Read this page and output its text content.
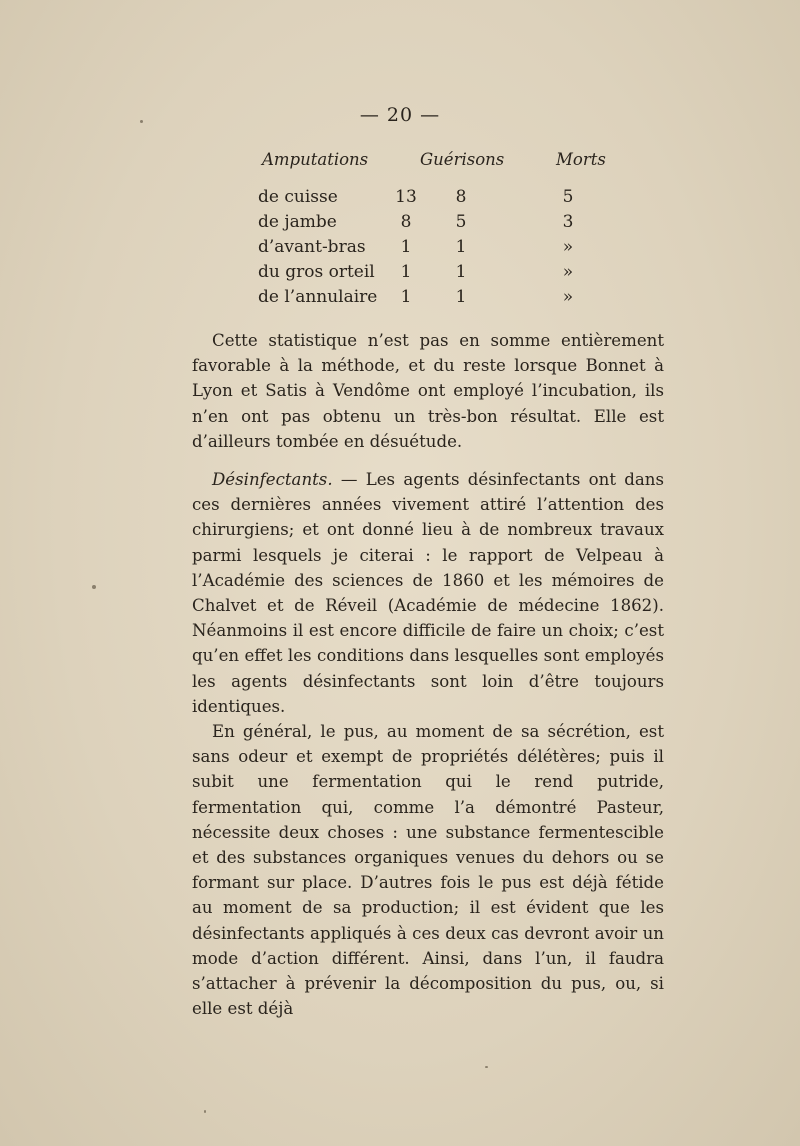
— 20 —
Amputations	Guérisons	Morts
de cuisse	13	8	5
de jambe	8	5	3
d’avant-bras	1	1	»
du gros orteil	1	1	»
de l’annulaire	1	1	»

Cette statistique n’est pas en somme entièrement favorable à la méthode, et du reste lorsque Bonnet à Lyon et Satis à Vendôme ont employé l’incubation, ils n’en ont pas obtenu un très-bon résultat. Elle est d’ailleurs tombée en désuétude.

Désinfectants. — Les agents désinfectants ont dans ces dernières années vivement attiré l’attention des chirurgiens; et ont donné lieu à de nombreux travaux parmi lesquels je citerai : le rapport de Velpeau à l’Académie des sciences de 1860 et les mémoires de Chalvet et de Réveil (Académie de médecine 1862). Néanmoins il est encore difficile de faire un choix; c’est qu’en effet les conditions dans lesquelles sont employés les agents désinfectants sont loin d’être toujours identiques.

En général, le pus, au moment de sa sécrétion, est sans odeur et exempt de propriétés délétères; puis il subit une fermentation qui le rend putride, fermentation qui, comme l’a démontré Pasteur, nécessite deux choses : une substance fermentescible et des substances organiques venues du dehors ou se formant sur place. D’autres fois le pus est déjà fétide au moment de sa production; il est évident que les désinfectants appliqués à ces deux cas devront avoir un mode d’action différent. Ainsi, dans l’un, il faudra s’attacher à prévenir la décomposition du pus, ou, si elle est déjà
